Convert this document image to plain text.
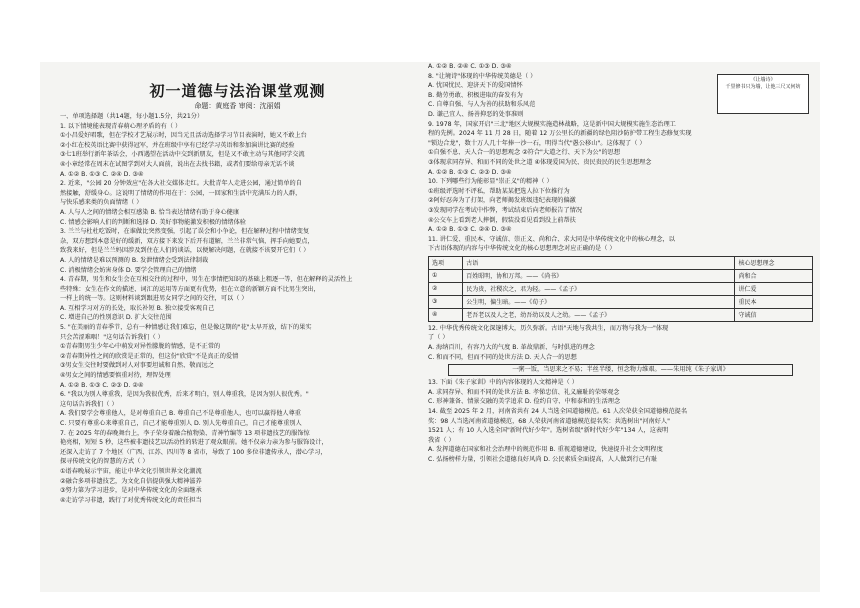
初一道德与法治课堂观测
命题：黄庭香 审阅：沈丽娟
一、单项选择题（共14题，每小题1.5分，共21分）
1. 以下情境能表现青春萌心理矛盾的有（ ）
①小昌爱好唱歌，但在学校才艺展示时，因当元且活动选择学习节目表演时，她又不敢上台
②小红在校英语比赛中获得冠军，并在班级中享有已经学习英语和参加演讲比赛的经验
③七1班举行新年茶话会，小西遇望在活动中交到新朋友，但是又不敢主动与其他同学交流
④小章经常在周末在试图学到对大人面前，说出在去找书籍，或者们要给母亲无话不谈
A. ①② B. ①③ C. ②④ D. ③④
2. 近来，"公园 20 分钟效应"在各大社交媒体走红。大批青年人走进公园，通过简单的自
然接触，舒缓身心。这说明了情绪的作用在于：公园，一回家和生活中充满压力的人群，
与快乐感来类的负面情绪（ ）
A. 人与人之间的情绪会相互感染 B. 恰当表达情绪有助于身心健康
C. 情感会影响人们的判断和选择 D. 美好事物能激发积极的情绪体验
3. 兰兰与杜杜吃饭时，在谁做比突然变强，引起了误会和小争论，但在解释过程中情绪变复
杂，双方想到本意是好的缓新，双方接下来发下后开有道解，兰兰非常气恼，挥手向她要点，
致我来好，但是兰兰妈因涉及到住在人们的谈话，以便解决问题，在就接不该要开它们（ ）
A. 人的情绪是难以预测的 B. 发泄情绪会受到法律制裁
C. 消极情绪会妨害身体 D. 要学会管理自己的情绪
4. 青春期，男生和女生会在互相交往的过程中，男生在事情把知识的基础上粗逐一等，但在解释的灵活性上
些特殊：女生在作文的描述、词汇的运用等方面更有优势，但在立意的新颖方面不比男生突出，
一样上的统一等。这则材料谈到跟进男女同学之间的交往，可以（ ）
A. 互相学习对方的长处，取长补短 B. 独立接受客观自己
C. 增进自己的性别意识 D. 扩大交往范围
5. "在美丽的青春季节，总有一种情感让我们难忘，但是像这期的"花"太早开放，结下的果实
只会苦涩难咽！"这句话告诉我们（ ）
①青春期男生少年心中萌发对异性朦胧的情感，是不正常的
②青春期异性之间的欣赏是正常的，但这份"欣赏"不是真正的爱情
③男女生交往时要做到对人对事要坦诚和自然、敬而远之
④男女之间的情感要慎重对待，理智处理
A. ①② B. ①③ C. ②③ D. ②④
6. "我以为别人尊重我，是因为我很优秀，后来才明白，别人尊重我，是因为别人很优秀。"
这句话告诉我们（ ）
A. 我们要学会尊重他人，是对尊重自己 B. 尊重自己不是尊重他人，也可以赢得他人尊重
C. 只要有尊重心来尊重自己，自己才能尊重别人 D. 别人先尊重自己，自己才能尊重别人
7. 在 2025 年的春晚舞台上，李子荣身着融合植物染、青神竹编等 13 项非遗技艺的服饰惊
艳亮相，短短 5 秒，这些被非遗技艺以活动性的转进了观众眼前。她不仅亲力亲为参与服饰设计，
还深入走访了 7 个地区（广西、江苏、四川等 8 省市，导致了 100 多位非遗传承人，潜心学习，
探寻传统文化的智慧的方式（ ）
①谱春晚展示宇宙，能让中华文化引领世界文化潮流
②融合多项非遗技艺，为文化自信提供强大精神滋养
③努力第为学习进步，是对中华传统文化的全面继承
④走访学习非遗，践行了对优秀传统文化的责任担当
《让墙诗》
千里修书只为墙，让他三尺又何妨
A. ①② B. ②④ C. ①③ D. ③④
8. "让境诗"体现的中华传统美德是（ ）
A. 忧国忧民、迎济天下的爱国情怀
B. 勤劳勇敢、积极进取的奋发有为
C. 自尊自强、与人为善的扶助和乐风范
D. 谦己宜人、扬善抑恶的处事准则
9. 1978 年，国家开启"三北"地区大规模实施造林战略，这是新中国大规模实施生态治理工
程的先例。2024 年 11 月 28 日，随着 12 万公里长的新疆的绿色阻沙防护带工程生态修复实现
"锁边合龙"，数十万人几十年捧一沙一石，明得当代"愚公移山"。这体现了（ ）
①自强不息、天人合一的思想观念 ②符合"大道之行、天下为公"的思想
③体现求同存异、和而不同的处世之道 ④体现爱国为民、贵民贵民的民生思想理念
A. ①② B. ①③ C. ②③ D. ③④
10. 下列哪些行为能彰显"崇正义"的精神（ ）
①班级评选时不评私，帮助某某把选人拉下位推行为
②阿好忍奔为了打架，向老师揭发班级违纪表现的偏激
③发现同学在考试中作弊，考试结束后向老师报告了情况
④公交车上看到老人摔倒，假装没看见看到没上前帮扶
A. ①② B. ①③ C. ②④ D. ③④
11. 讲仁爱、重民本、守诚信、崇正义、尚和合、求大同是中华传统文化中的核心理念，以
下古语体现的内容与中华传统文化的核心思想理念对应正确的是（ ）
选项	古语	核心思想理念
①	百姓昭明，协和万邦。——《尚书》	尚和合
②	民为贵，社稷次之，君为轻。——《孟子》	讲仁爱
③	公生明，偏生暗。——《荀子》	重民本
④	老吾老以及人之老，幼吾幼以及人之幼。——《孟子》	守诚信
12. 中华优秀传统文化深邃博大，历久弥新。古语"天地与我共生，而万物与我为一"体现
了（ ）
A. 海纳百川，有容乃大的气度 B. 革故鼎新、与时俱进的理念
C. 和而不同，但而不同的处世方法 D. 天人合一的思想
一粥一饭，当思来之不易；半丝半缕，恒念物力维艰。——朱用纯《朱子家训》
13. 下面《朱子家训》中的内容体现的人文精神是（ ）
A. 求同存异、和而不同的处世方法 B. 孝悌忠信、礼义廉耻的荣辱观念
C. 形神兼备、情景交融的美学追求 D. 俭约自守、中和泰和的生活理念
14. 截至 2025 年 2 月，河南省共有 24 人当选全国道德模范。61 人次荣获全国道德模范提名
奖：98 人当选河南省道德模范，68 人荣获河南省道德模范提名奖：共选树出"河南好人"
1521 人；有 10 人入选全国"新时代好少年"。选树省级"新时代好少年"134 人，这表明
我省（ ）
A. 发挥道德在国家和社会治理中的规范作用 B. 重视道德建设，快速提升社会文明程度
C. 弘扬榜样力量，引领社会道德良好风尚 D. 公民素质全面提高，人人做到行己有耻
